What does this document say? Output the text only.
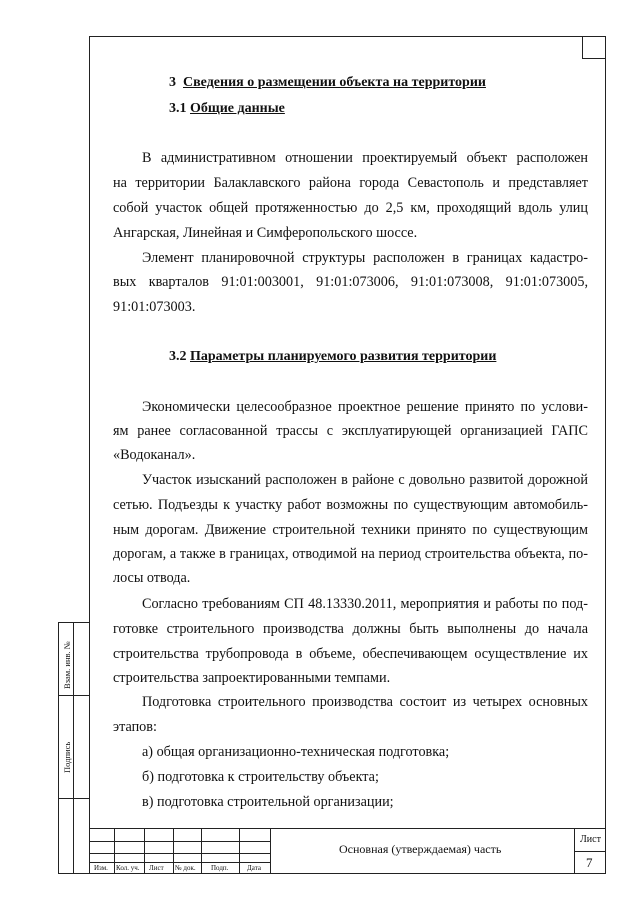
Взам. инв. №
Подпись
3 Сведения о размещении объекта на территории
3.1 Общие данные
В административном отношении проектируемый объект расположен
на территории Балаклавского района города Севастополь и представляет
собой участок общей протяженностью до 2,5 км, проходящий вдоль улиц
Ангарская, Линейная и Симферопольского шоссе.
Элемент планировочной структуры расположен в границах кадастро-
вых кварталов 91:01:003001, 91:01:073006, 91:01:073008, 91:01:073005,
91:01:073003.
3.2 Параметры планируемого развития территории
Экономически целесообразное проектное решение принято по услови-
ям ранее согласованной трассы с эксплуатирующей организацией ГАПС
«Водоканал».
Участок изысканий расположен в районе с довольно развитой дорожной
сетью. Подъезды к участку работ возможны по существующим автомобиль-
ным дорогам. Движение строительной техники принято по существующим
дорогам, а также в границах, отводимой на период строительства объекта, по-
лосы отвода.
Согласно требованиям СП 48.13330.2011, мероприятия и работы по под-
готовке строительного производства должны быть выполнены до начала
строительства трубопровода в объеме, обеспечивающем осуществление их
строительства запроектированными темпами.
Подготовка строительного производства состоит из четырех основных
этапов:
а) общая организационно-техническая подготовка;
б) подготовка к строительству объекта;
в) подготовка строительной организации;
Изм. Кол. уч. Лист № док. Подп.	Дата
Основная (утверждаемая) часть
Лист
7
